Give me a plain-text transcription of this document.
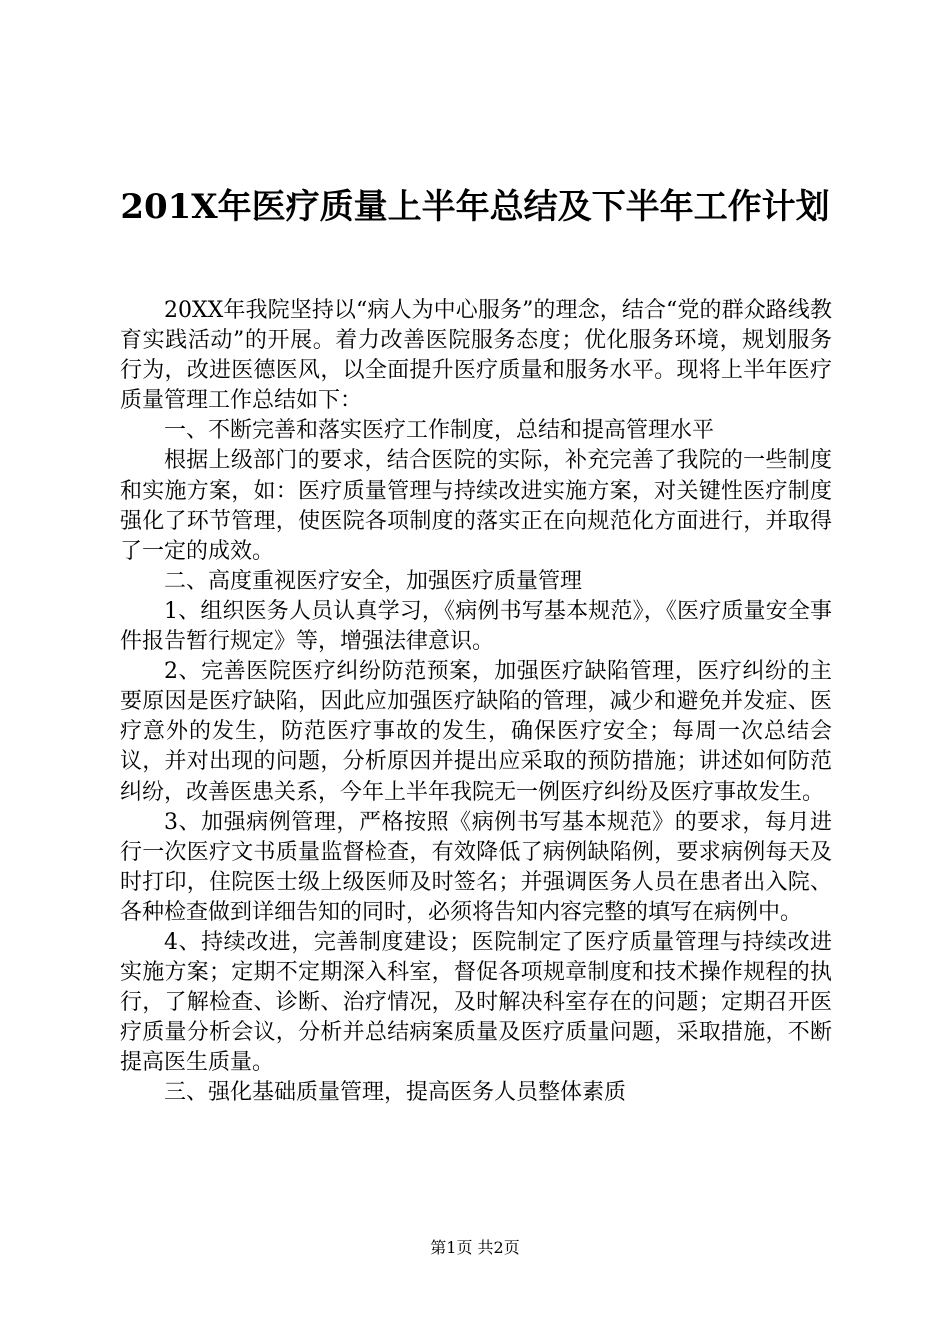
201X年医疗质量上半年总结及下半年工作计划

20XX年我院坚持以“病人为中心服务”的理念，结合“党的群众路线教育实践活动”的开展。着力改善医院服务态度；优化服务环境，规划服务行为，改进医德医风，以全面提升医疗质量和服务水平。现将上半年医疗质量管理工作总结如下：

一、不断完善和落实医疗工作制度，总结和提高管理水平

根据上级部门的要求，结合医院的实际，补充完善了我院的一些制度和实施方案，如：医疗质量管理与持续改进实施方案，对关键性医疗制度强化了环节管理，使医院各项制度的落实正在向规范化方面进行，并取得了一定的成效。

二、高度重视医疗安全，加强医疗质量管理

1、组织医务人员认真学习，《病例书写基本规范》，《医疗质量安全事件报告暂行规定》等，增强法律意识。

2、完善医院医疗纠纷防范预案，加强医疗缺陷管理，医疗纠纷的主要原因是医疗缺陷，因此应加强医疗缺陷的管理，减少和避免并发症、医疗意外的发生，防范医疗事故的发生，确保医疗安全；每周一次总结会议，并对出现的问题，分析原因并提出应采取的预防措施；讲述如何防范纠纷，改善医患关系，今年上半年我院无一例医疗纠纷及医疗事故发生。

3、加强病例管理，严格按照《病例书写基本规范》的要求，每月进行一次医疗文书质量监督检查，有效降低了病例缺陷例，要求病例每天及时打印，住院医士级上级医师及时签名；并强调医务人员在患者出入院、各种检查做到详细告知的同时，必须将告知内容完整的填写在病例中。

4、持续改进，完善制度建设；医院制定了医疗质量管理与持续改进实施方案；定期不定期深入科室，督促各项规章制度和技术操作规程的执行，了解检查、诊断、治疗情况，及时解决科室存在的问题；定期召开医疗质量分析会议，分析并总结病案质量及医疗质量问题，采取措施，不断提高医生质量。

三、强化基础质量管理，提高医务人员整体素质

第1页 共2页
